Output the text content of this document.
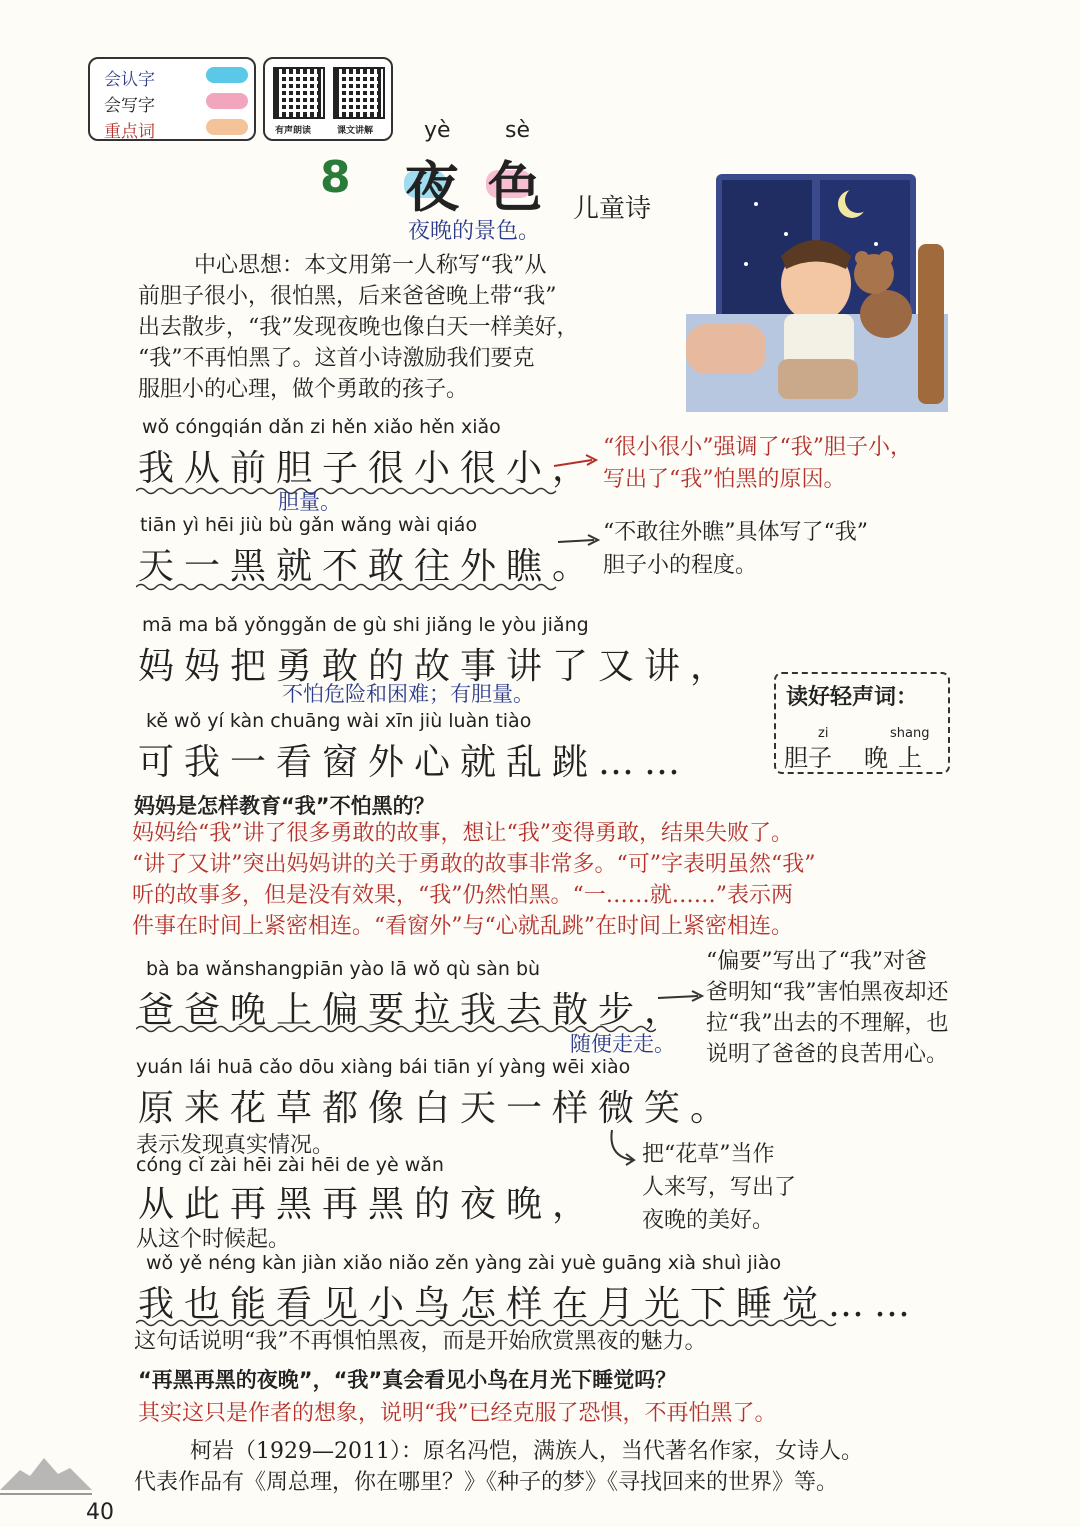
会认字
会写字
重点词	有声朗读	课文讲解 yè sè
8 夜 色 儿童诗
夜晚的景色。
中心思想：本文用第一人称写“我”从
前胆子很小，很怕黑，后来爸爸晚上带“我”
出去散步，“我”发现夜晚也像白天一样美好，
“我”不再怕黑了。这首小诗激励我们要克
服胆小的心理，做个勇敢的孩子。
wǒ cóngqián dǎn zi hěn xiǎo hěn xiǎo
我从前胆子很小很小，
胆量。
“很小很小”强调了“我”胆子小，
写出了“我”怕黑的原因。
tiān yì hēi jiù bù gǎn wǎng wài qiáo
天一黑就不敢往外瞧。
“不敢往外瞧”具体写了“我”
胆子小的程度。
mā ma bǎ yǒnggǎn de gù shi jiǎng le yòu jiǎng
妈妈把勇敢的故事讲了又讲，
不怕危险和困难；有胆量。
kě wǒ yí kàn chuāng wài xīn jiù luàn tiào
可我一看窗外心就乱跳……
读好轻声词：
zi	shang
胆子 晚上
妈妈是怎样教育“我”不怕黑的？
妈妈给“我”讲了很多勇敢的故事，想让“我”变得勇敢，结果失败了。
“讲了又讲”突出妈妈讲的关于勇敢的故事非常多。“可”字表明虽然“我”
听的故事多，但是没有效果，“我”仍然怕黑。“一……就……”表示两
件事在时间上紧密相连。“看窗外”与“心就乱跳”在时间上紧密相连。
bà ba wǎnshangpiān yào lā wǒ qù sàn bù
爸爸晚上偏要拉我去散步，
随便走走。
“偏要”写出了“我”对爸
爸明知“我”害怕黑夜却还
拉“我”出去的不理解，也
说明了爸爸的良苦用心。
yuán lái huā cǎo dōu xiàng bái tiān yí yàng wēi xiào
原来花草都像白天一样微笑。
表示发现真实情况。	把“花草”当作
人来写，写出了
夜晚的美好。
cóng cǐ zài hēi zài hēi de yè wǎn
从此再黑再黑的夜晚，
从这个时候起。
wǒ yě néng kàn jiàn xiǎo niǎo zěn yàng zài yuè guāng xià shuì jiào
我也能看见小鸟怎样在月光下睡觉……
这句话说明“我”不再惧怕黑夜，而是开始欣赏黑夜的魅力。
“再黑再黑的夜晚”，“我”真会看见小鸟在月光下睡觉吗？
其实这只是作者的想象，说明“我”已经克服了恐惧，不再怕黑了。
柯岩（1929—2011）：原名冯恺，满族人，当代著名作家，女诗人。
代表作品有《周总理，你在哪里？》《种子的梦》《寻找回来的世界》等。
40
